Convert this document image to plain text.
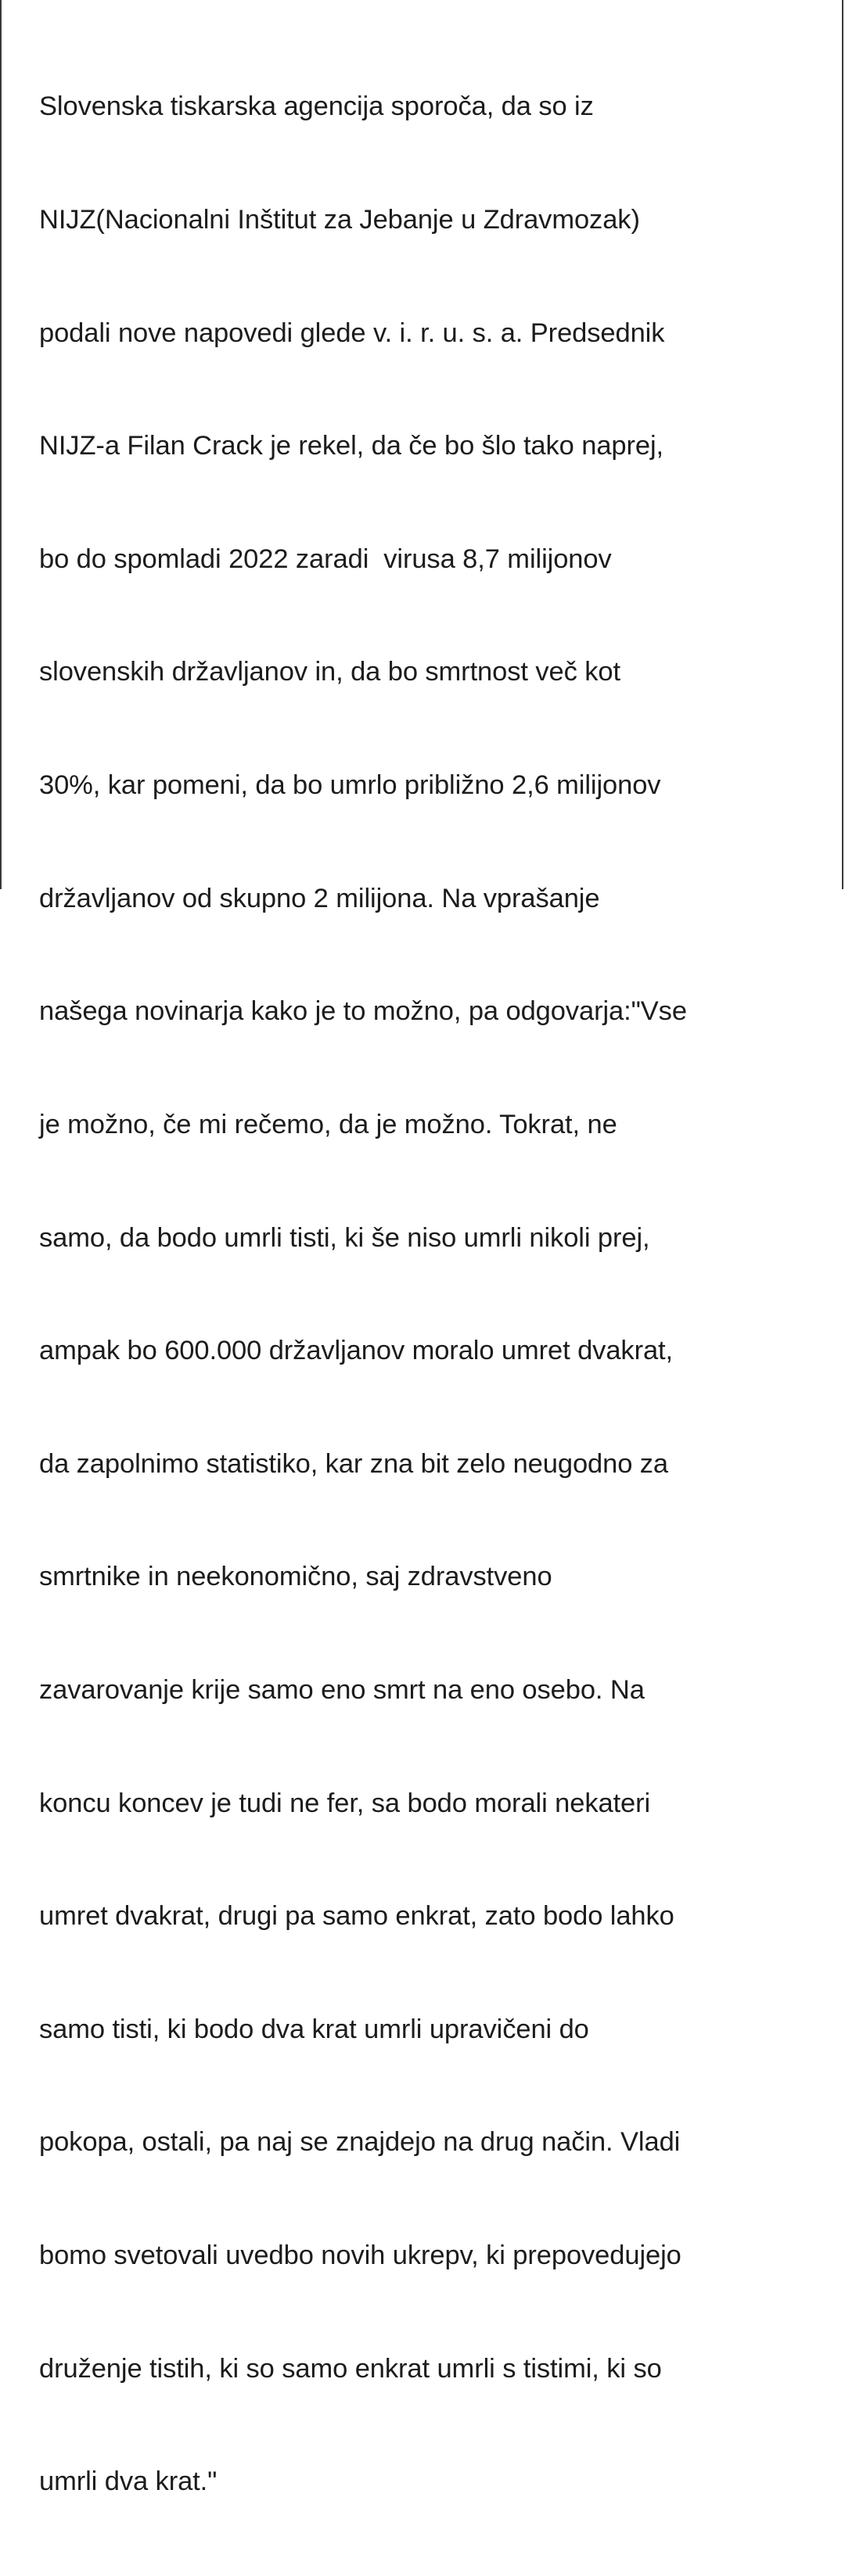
Slovenska tiskarska agencija sporoča, da so iz

NIJZ(Nacionalni Inštitut za Jebanje u Zdravmozak)

podali nove napovedi glede v. i. r. u. s. a. Predsednik

NIJZ-a Filan Crack je rekel, da če bo šlo tako naprej,

bo do spomladi 2022 zaradi  virusa 8,7 milijonov

slovenskih državljanov in, da bo smrtnost več kot

30%, kar pomeni, da bo umrlo približno 2,6 milijonov

državljanov od skupno 2 milijona. Na vprašanje

našega novinarja kako je to možno, pa odgovarja:"Vse

je možno, če mi rečemo, da je možno. Tokrat, ne

samo, da bodo umrli tisti, ki še niso umrli nikoli prej,

ampak bo 600.000 državljanov moralo umret dvakrat,

da zapolnimo statistiko, kar zna bit zelo neugodno za

smrtnike in neekonomično, saj zdravstveno

zavarovanje krije samo eno smrt na eno osebo. Na

koncu koncev je tudi ne fer, sa bodo morali nekateri

umret dvakrat, drugi pa samo enkrat, zato bodo lahko

samo tisti, ki bodo dva krat umrli upravičeni do

pokopa, ostali, pa naj se znajdejo na drug način. Vladi

bomo svetovali uvedbo novih ukrepv, ki prepovedujejo

druženje tistih, ki so samo enkrat umrli s tistimi, ki so

umrli dva krat."
